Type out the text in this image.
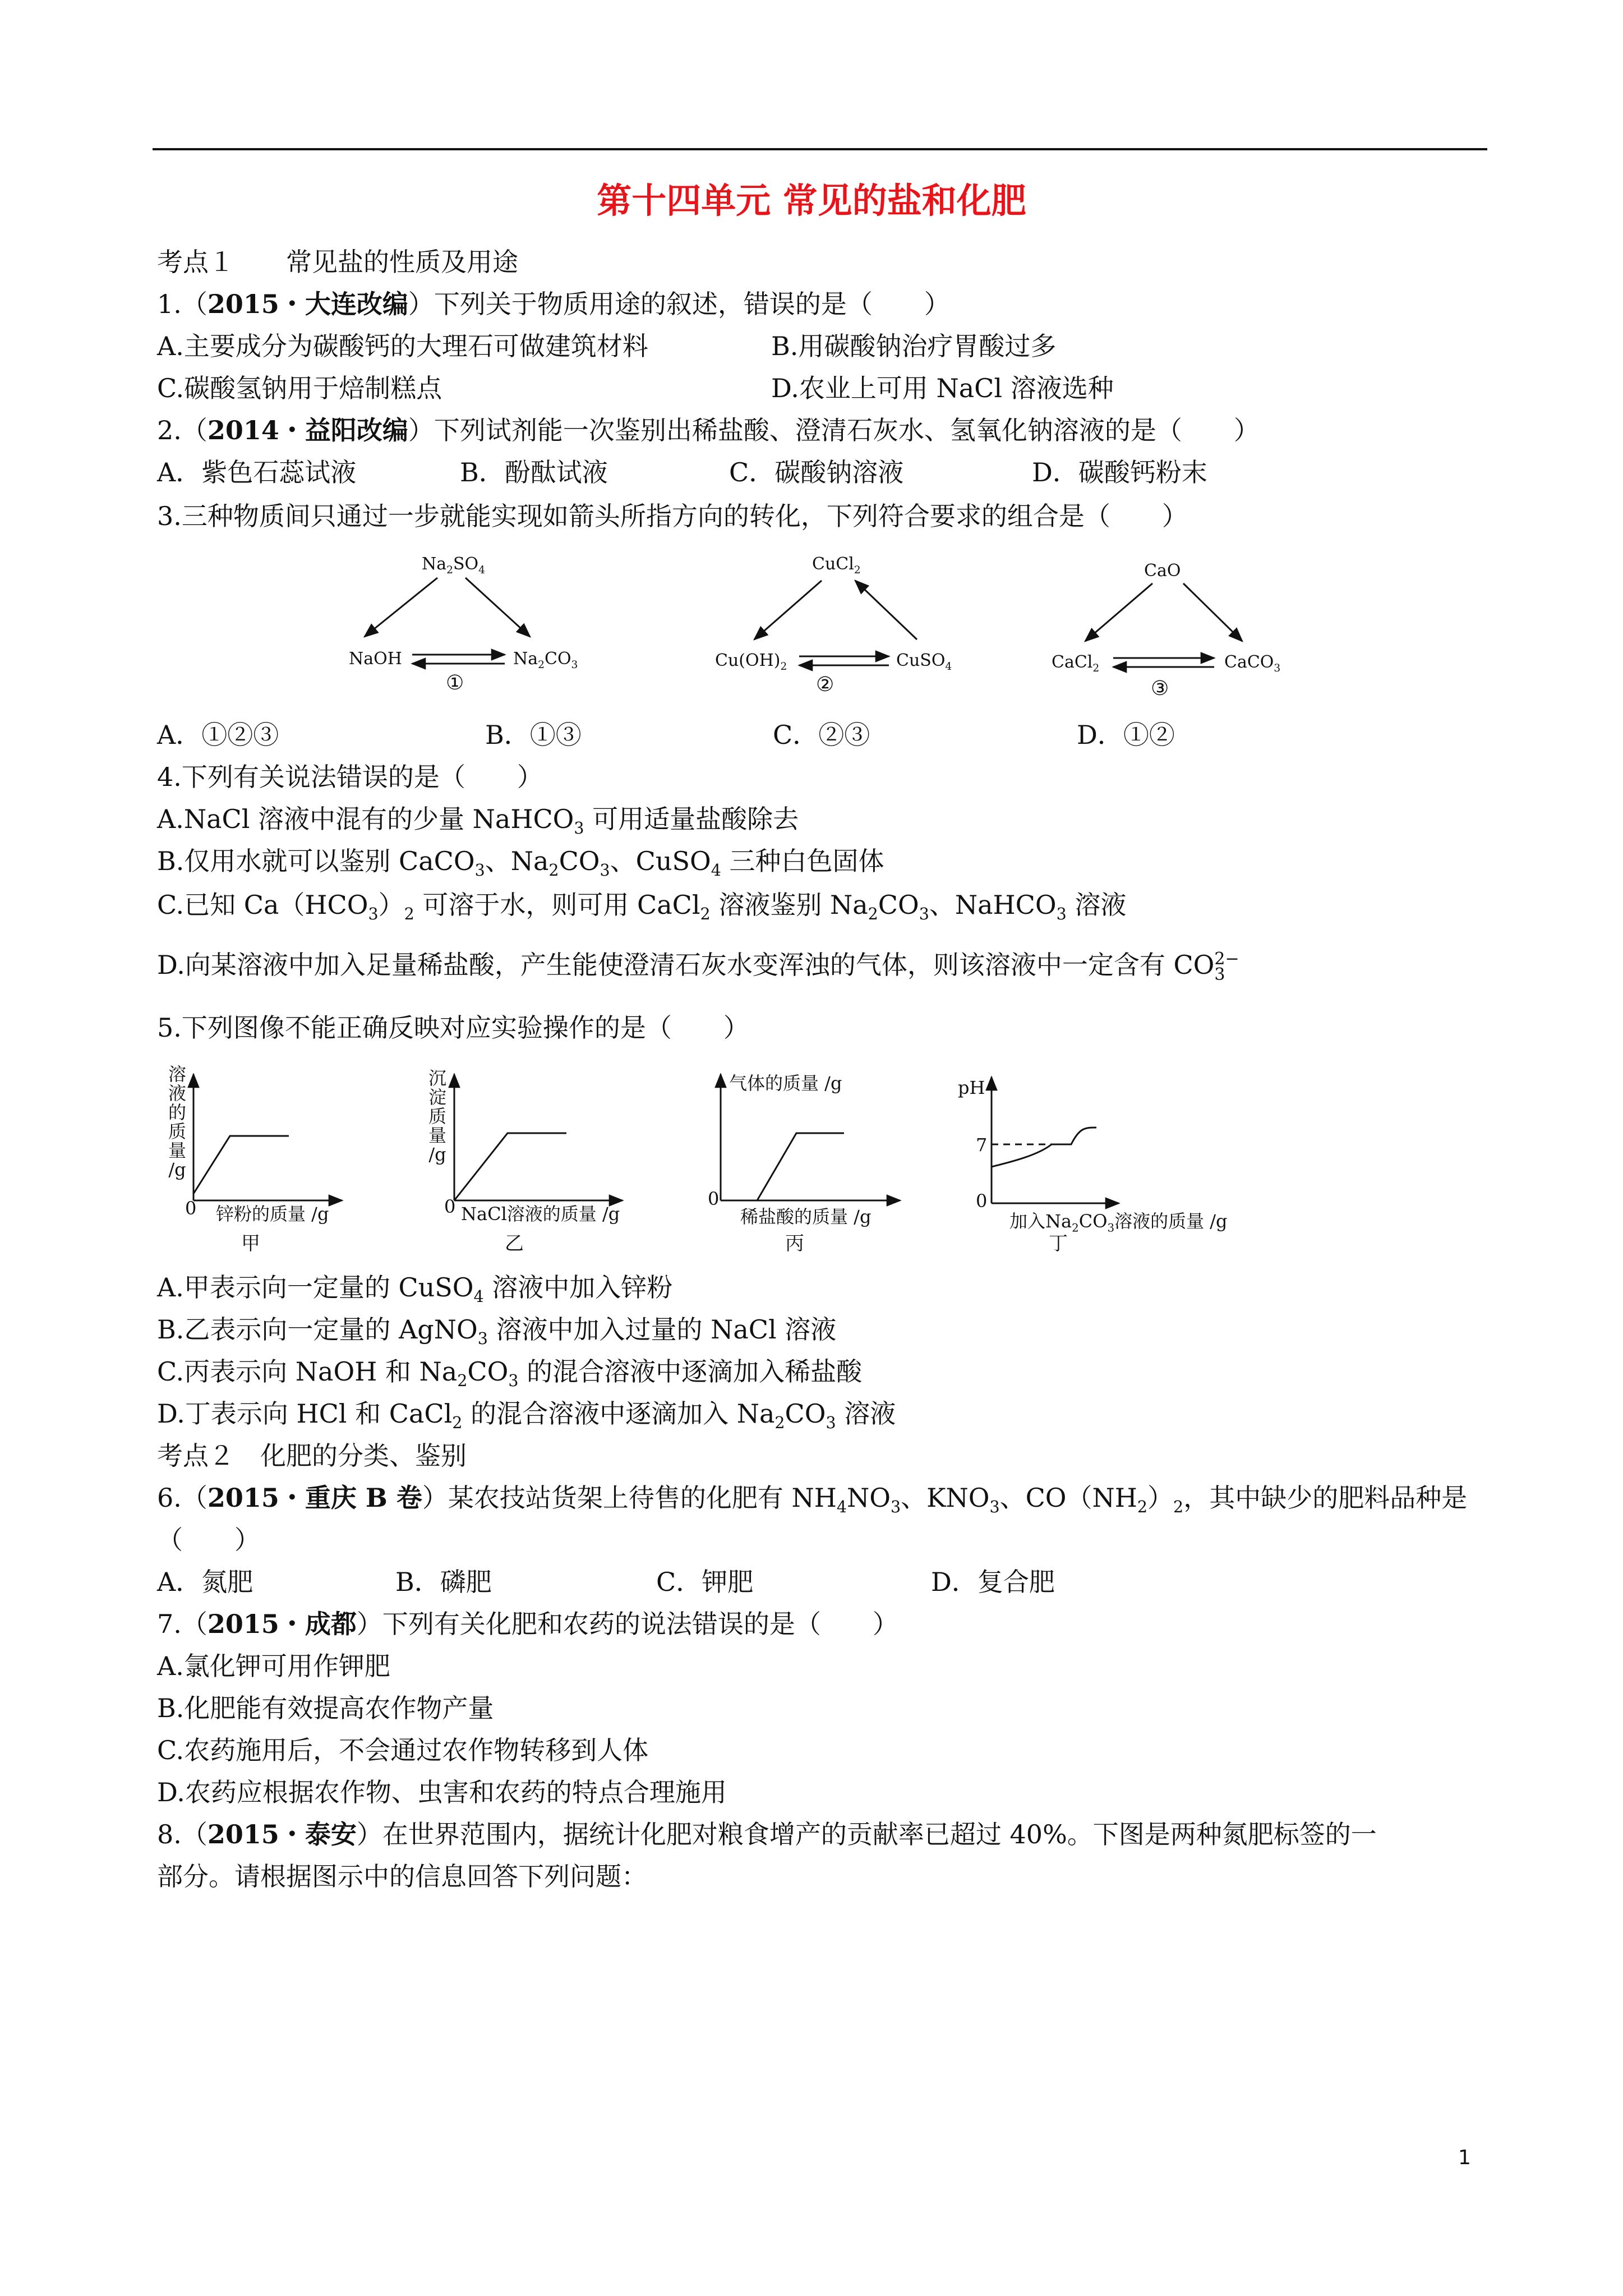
第十四单元 常见的盐和化肥
考点１　　常见盐的性质及用途
1.（2015・大连改编）下列关于物质用途的叙述，错误的是（　　）
A.主要成分为碳酸钙的大理石可做建筑材料	B.用碳酸钠治疗胃酸过多
C.碳酸氢钠用于焙制糕点	D.农业上可用 NaCl 溶液选种
2.（2014・益阳改编）下列试剂能一次鉴别出稀盐酸、澄清石灰水、氢氧化钠溶液的是（　　）
A．紫色石蕊试液	B．酚酞试液	C．碳酸钠溶液	D．碳酸钙粉末
3.三种物质间只通过一步就能实现如箭头所指方向的转化，下列符合要求的组合是（　　）
$Na_2SO_4$
NaOH	$Na_2CO_3$
①
CuCl$_2$
$Cu(OH)_2$	CuSO$_4$
②
CaO
CaCl$_2$	CaCO$_3$
③
A．①②③	B．①③	C．②③	D．①②
4.下列有关说法错误的是（　　）
A.NaCl 溶液中混有的少量 NaHCO$_3$ 可用适量盐酸除去
B.仅用水就可以鉴别 CaCO$_3$、$Na_2CO_3$、CuSO$_4$ 三种白色固体
C.已知 $Ca(HCO_3)_2$ 可溶于水，则可用 CaCl$_2$ 溶液鉴别 $Na_2CO_3$、NaHCO$_3$ 溶液
D.向某溶液中加入足量稀盐酸，产生能使澄清石灰水变浑浊的气体，则该溶液中一定含有 CO 2−
3
5.下列图像不能正确反映对应实验操作的是（　　）
溶
液
的
质
量
/g
0 锌粉的质量 /g
甲
沉
淀
质
量
/g
0 NaCl溶液的质量 /g
乙
气体的质量 /g
0
稀盐酸的质量 /g
丙
pH
7
0
加入$Na_2CO_3$溶液的质量 /g
丁
A.甲表示向一定量的 CuSO$_4$ 溶液中加入锌粉
B.乙表示向一定量的 AgNO$_3$ 溶液中加入过量的 NaCl 溶液
C.丙表示向 NaOH 和 $Na_2CO_3$ 的混合溶液中逐滴加入稀盐酸
D.丁表示向 HCl 和 CaCl$_2$ 的混合溶液中逐滴加入 $Na_2CO_3$ 溶液
考点２　化肥的分类、鉴别
6.（2015・重庆 B 卷）某农技站货架上待售的化肥有 $NH_4NO_3$、$KNO_3$、$CO(NH_2)_2$，其中缺少的肥料品种是
（　　）
A．氮肥	B．磷肥	C．钾肥	D．复合肥
7.（2015・成都）下列有关化肥和农药的说法错误的是（　　）
A.氯化钾可用作钾肥
B.化肥能有效提高农作物产量
C.农药施用后，不会通过农作物转移到人体
D.农药应根据农作物、虫害和农药的特点合理施用
8.（2015・泰安）在世界范围内，据统计化肥对粮食增产的贡献率已超过 40%。下图是两种氮肥标签的一
部分。请根据图示中的信息回答下列问题：
1
